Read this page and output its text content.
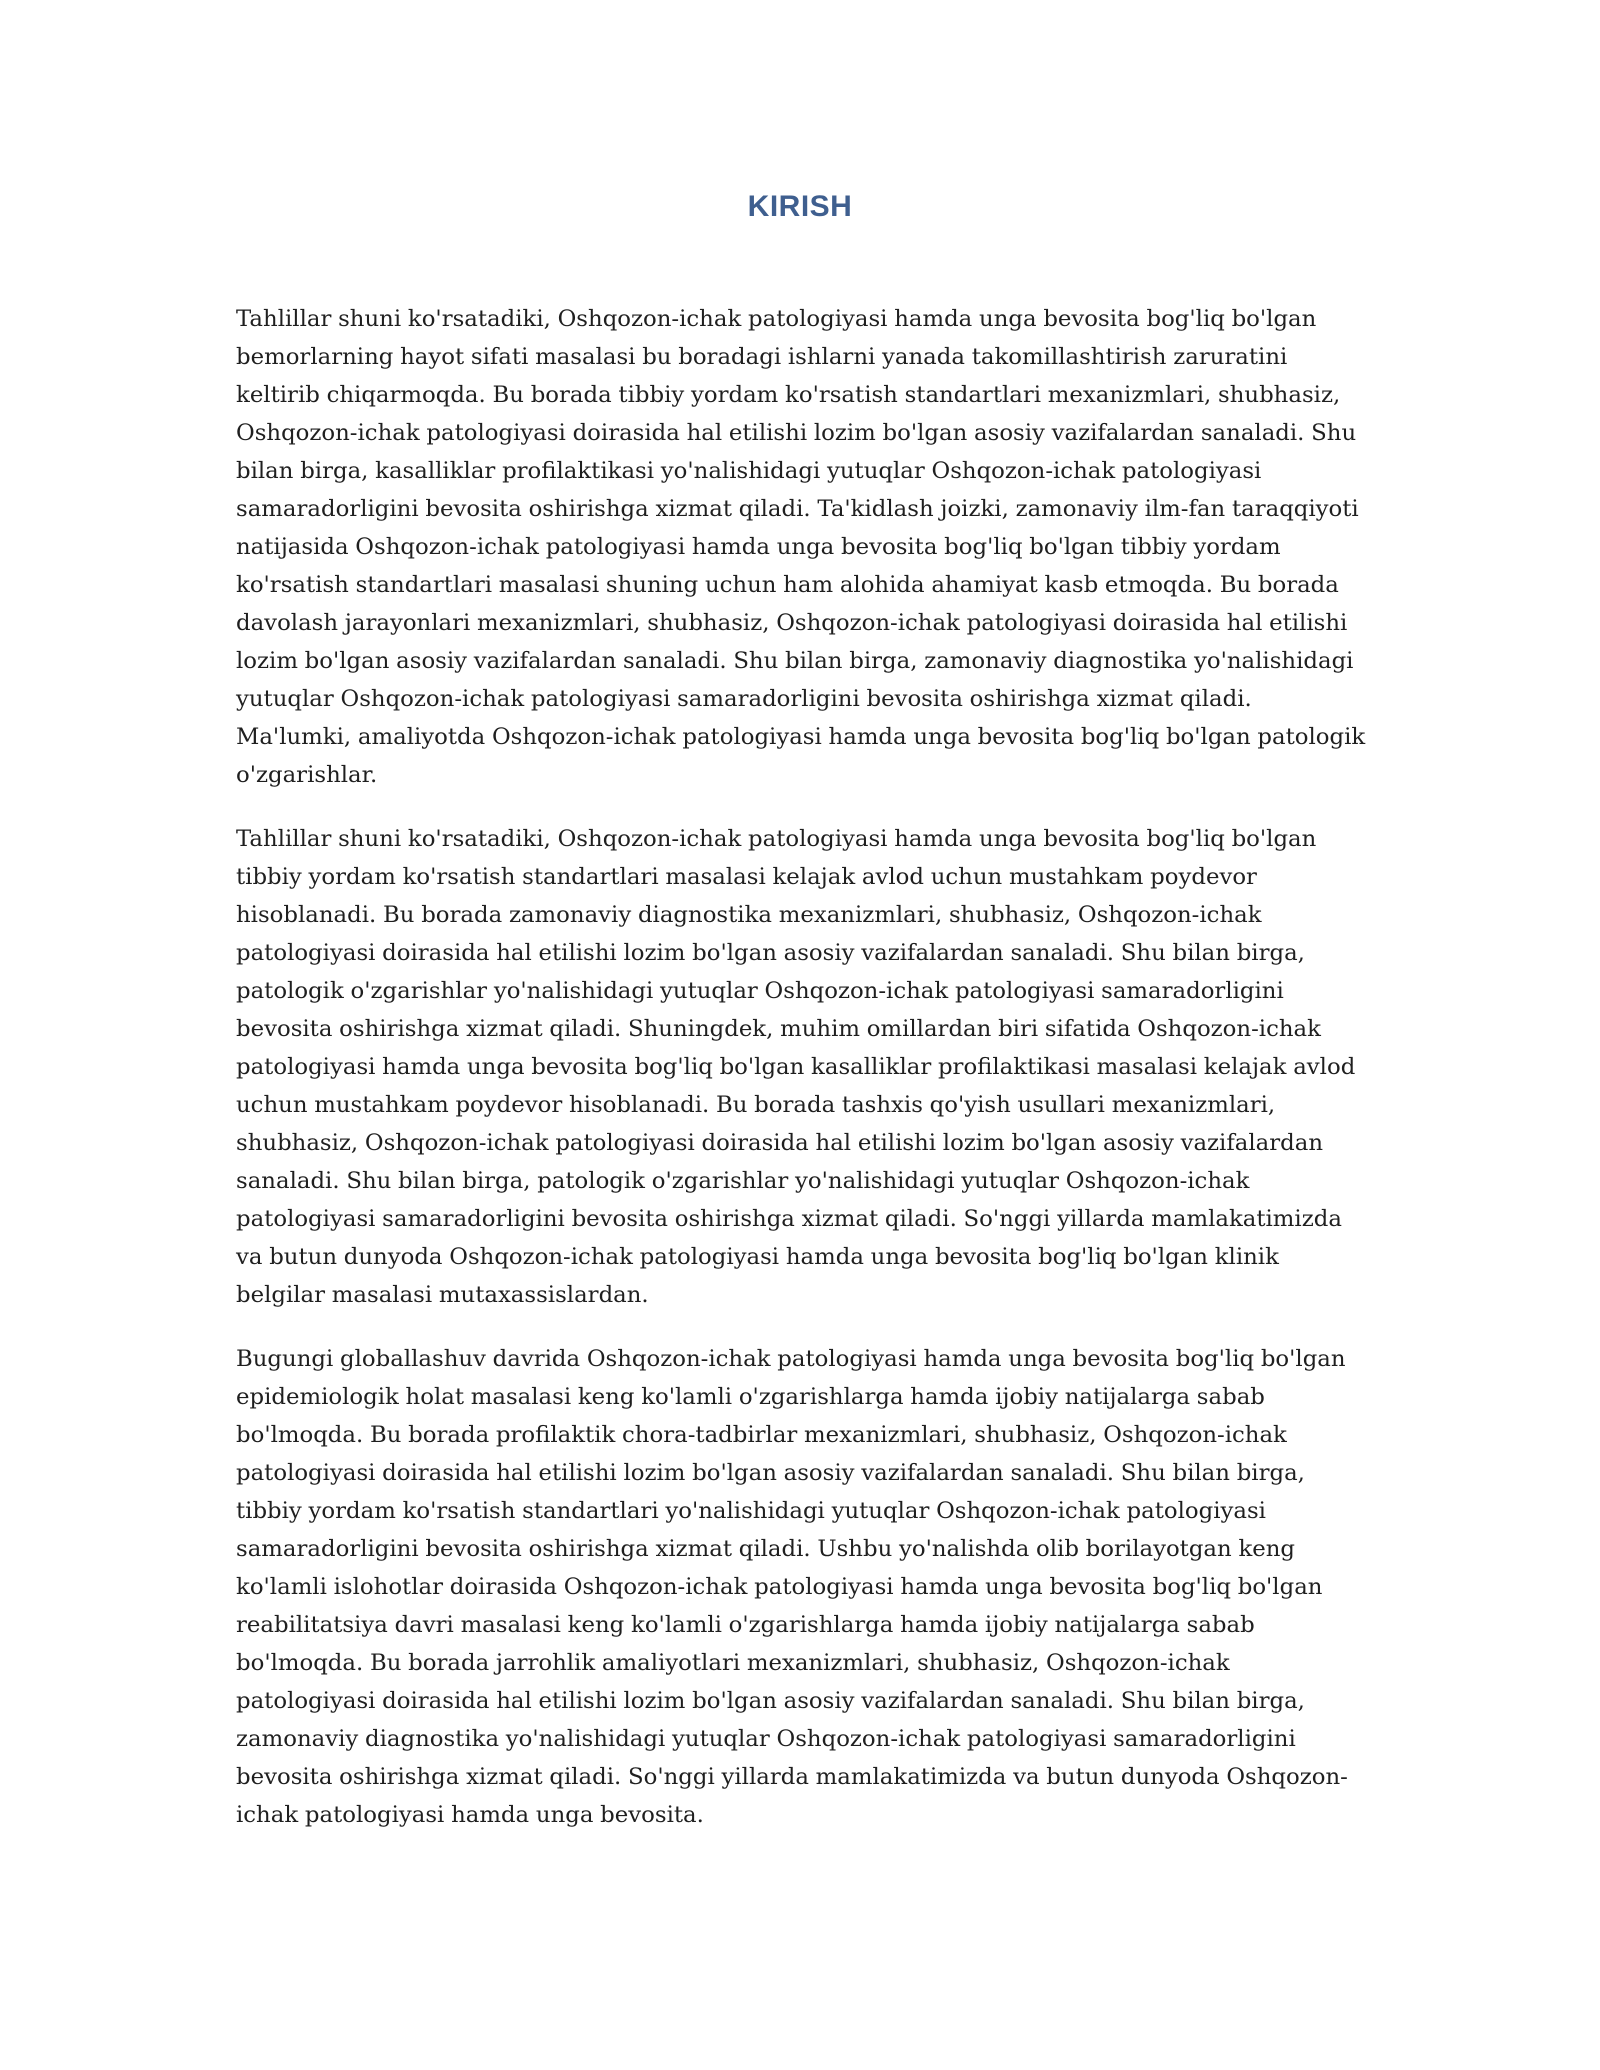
KIRISH

Tahlillar shuni ko'rsatadiki, Oshqozon-ichak patologiyasi hamda unga bevosita bog'liq bo'lgan bemorlarning hayot sifati masalasi bu boradagi ishlarni yanada takomillashtirish zaruratini keltirib chiqarmoqda. Bu borada tibbiy yordam ko'rsatish standartlari mexanizmlari, shubhasiz, Oshqozon-ichak patologiyasi doirasida hal etilishi lozim bo'lgan asosiy vazifalardan sanaladi. Shu bilan birga, kasalliklar profilaktikasi yo'nalishidagi yutuqlar Oshqozon-ichak patologiyasi samaradorligini bevosita oshirishga xizmat qiladi. Ta'kidlash joizki, zamonaviy ilm-fan taraqqiyoti natijasida Oshqozon-ichak patologiyasi hamda unga bevosita bog'liq bo'lgan tibbiy yordam ko'rsatish standartlari masalasi shuning uchun ham alohida ahamiyat kasb etmoqda. Bu borada davolash jarayonlari mexanizmlari, shubhasiz, Oshqozon-ichak patologiyasi doirasida hal etilishi lozim bo'lgan asosiy vazifalardan sanaladi. Shu bilan birga, zamonaviy diagnostika yo'nalishidagi yutuqlar Oshqozon-ichak patologiyasi samaradorligini bevosita oshirishga xizmat qiladi. Ma'lumki, amaliyotda Oshqozon-ichak patologiyasi hamda unga bevosita bog'liq bo'lgan patologik o'zgarishlar.

Tahlillar shuni ko'rsatadiki, Oshqozon-ichak patologiyasi hamda unga bevosita bog'liq bo'lgan tibbiy yordam ko'rsatish standartlari masalasi kelajak avlod uchun mustahkam poydevor hisoblanadi. Bu borada zamonaviy diagnostika mexanizmlari, shubhasiz, Oshqozon-ichak patologiyasi doirasida hal etilishi lozim bo'lgan asosiy vazifalardan sanaladi. Shu bilan birga, patologik o'zgarishlar yo'nalishidagi yutuqlar Oshqozon-ichak patologiyasi samaradorligini bevosita oshirishga xizmat qiladi. Shuningdek, muhim omillardan biri sifatida Oshqozon-ichak patologiyasi hamda unga bevosita bog'liq bo'lgan kasalliklar profilaktikasi masalasi kelajak avlod uchun mustahkam poydevor hisoblanadi. Bu borada tashxis qo'yish usullari mexanizmlari, shubhasiz, Oshqozon-ichak patologiyasi doirasida hal etilishi lozim bo'lgan asosiy vazifalardan sanaladi. Shu bilan birga, patologik o'zgarishlar yo'nalishidagi yutuqlar Oshqozon-ichak patologiyasi samaradorligini bevosita oshirishga xizmat qiladi. So'nggi yillarda mamlakatimizda va butun dunyoda Oshqozon-ichak patologiyasi hamda unga bevosita bog'liq bo'lgan klinik belgilar masalasi mutaxassislardan.

Bugungi globallashuv davrida Oshqozon-ichak patologiyasi hamda unga bevosita bog'liq bo'lgan epidemiologik holat masalasi keng ko'lamli o'zgarishlarga hamda ijobiy natijalarga sabab bo'lmoqda. Bu borada profilaktik chora-tadbirlar mexanizmlari, shubhasiz, Oshqozon-ichak patologiyasi doirasida hal etilishi lozim bo'lgan asosiy vazifalardan sanaladi. Shu bilan birga, tibbiy yordam ko'rsatish standartlari yo'nalishidagi yutuqlar Oshqozon-ichak patologiyasi samaradorligini bevosita oshirishga xizmat qiladi. Ushbu yo'nalishda olib borilayotgan keng ko'lamli islohotlar doirasida Oshqozon-ichak patologiyasi hamda unga bevosita bog'liq bo'lgan reabilitatsiya davri masalasi keng ko'lamli o'zgarishlarga hamda ijobiy natijalarga sabab bo'lmoqda. Bu borada jarrohlik amaliyotlari mexanizmlari, shubhasiz, Oshqozon-ichak patologiyasi doirasida hal etilishi lozim bo'lgan asosiy vazifalardan sanaladi. Shu bilan birga, zamonaviy diagnostika yo'nalishidagi yutuqlar Oshqozon-ichak patologiyasi samaradorligini bevosita oshirishga xizmat qiladi. So'nggi yillarda mamlakatimizda va butun dunyoda Oshqozon-ichak patologiyasi hamda unga bevosita.
